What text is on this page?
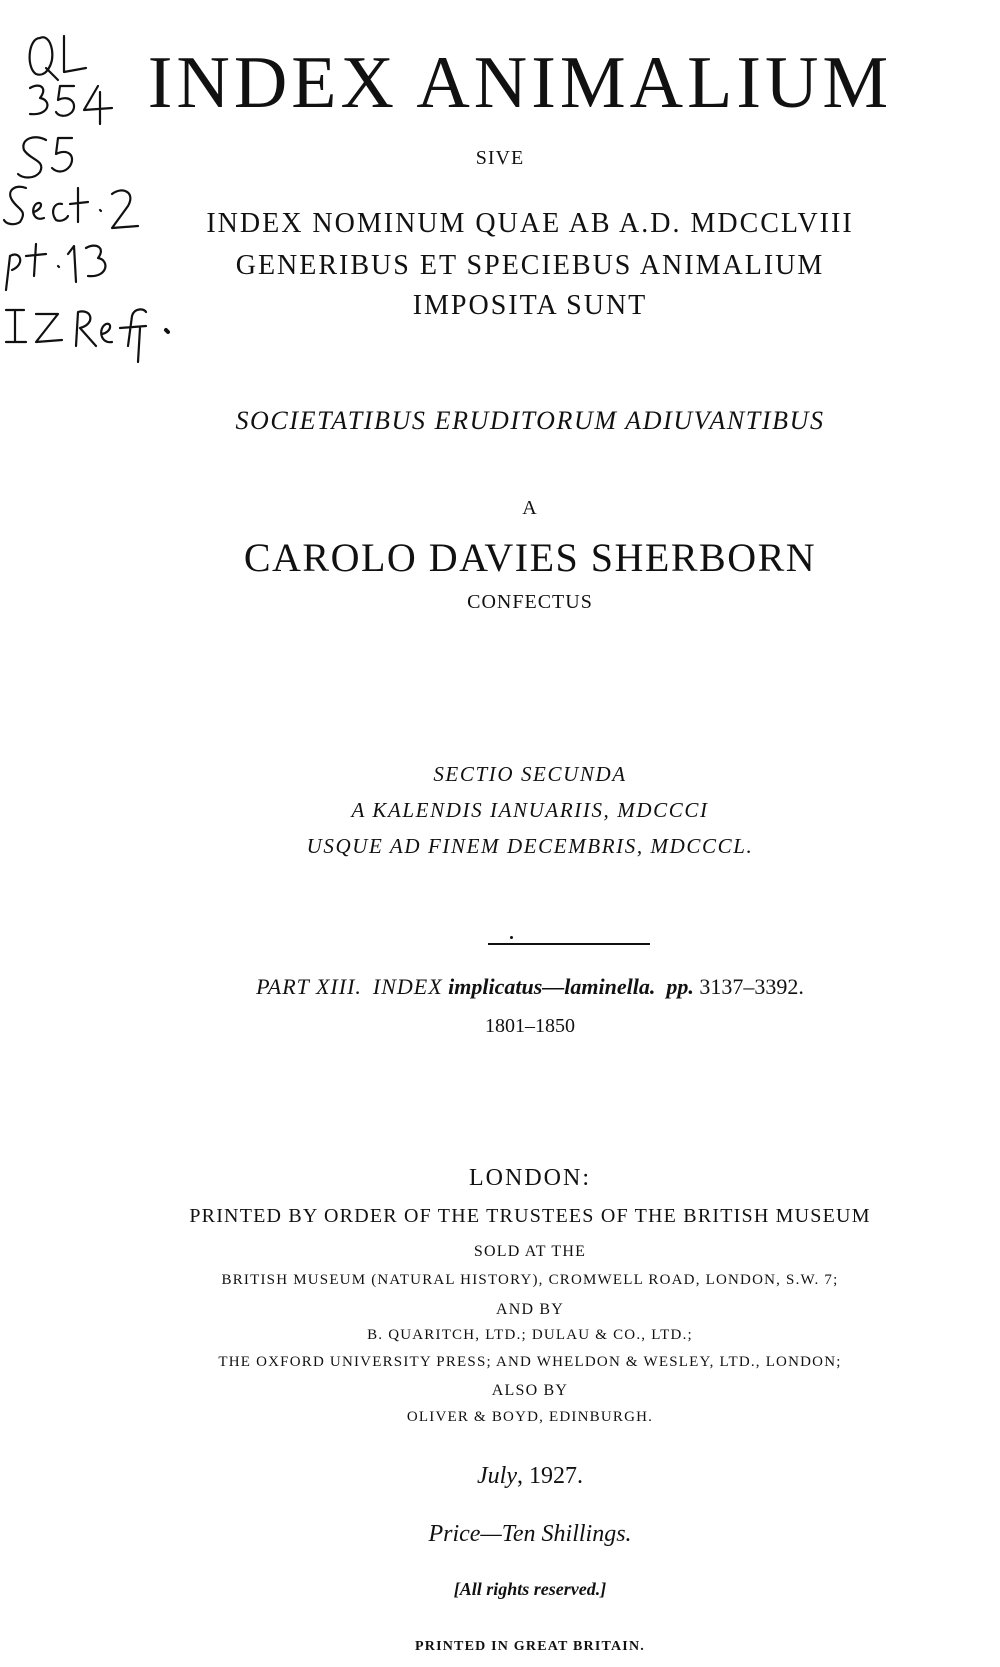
INDEX ANIMALIUM
SIVE
INDEX NOMINUM QUAE AB A.D. MDCCLVIII
GENERIBUS ET SPECIEBUS ANIMALIUM
IMPOSITA SUNT
SOCIETATIBUS ERUDITORUM ADIUVANTIBUS
A
CAROLO DAVIES SHERBORN
CONFECTUS
SECTIO SECUNDA
A KALENDIS IANUARIIS, MDCCCI
USQUE AD FINEM DECEMBRIS, MDCCCL.
PART XIII. INDEX implicatus—laminella. pp. 3137–3392.
1801–1850
LONDON:
PRINTED BY ORDER OF THE TRUSTEES OF THE BRITISH MUSEUM
SOLD AT THE
BRITISH MUSEUM (NATURAL HISTORY), CROMWELL ROAD, LONDON, S.W. 7;
AND BY
B. QUARITCH, LTD.; DULAU & CO., LTD.;
THE OXFORD UNIVERSITY PRESS; AND WHELDON & WESLEY, LTD., LONDON;
ALSO BY
OLIVER & BOYD, EDINBURGH.
July, 1927.
Price—Ten Shillings.
[All rights reserved.]
PRINTED IN GREAT BRITAIN.
